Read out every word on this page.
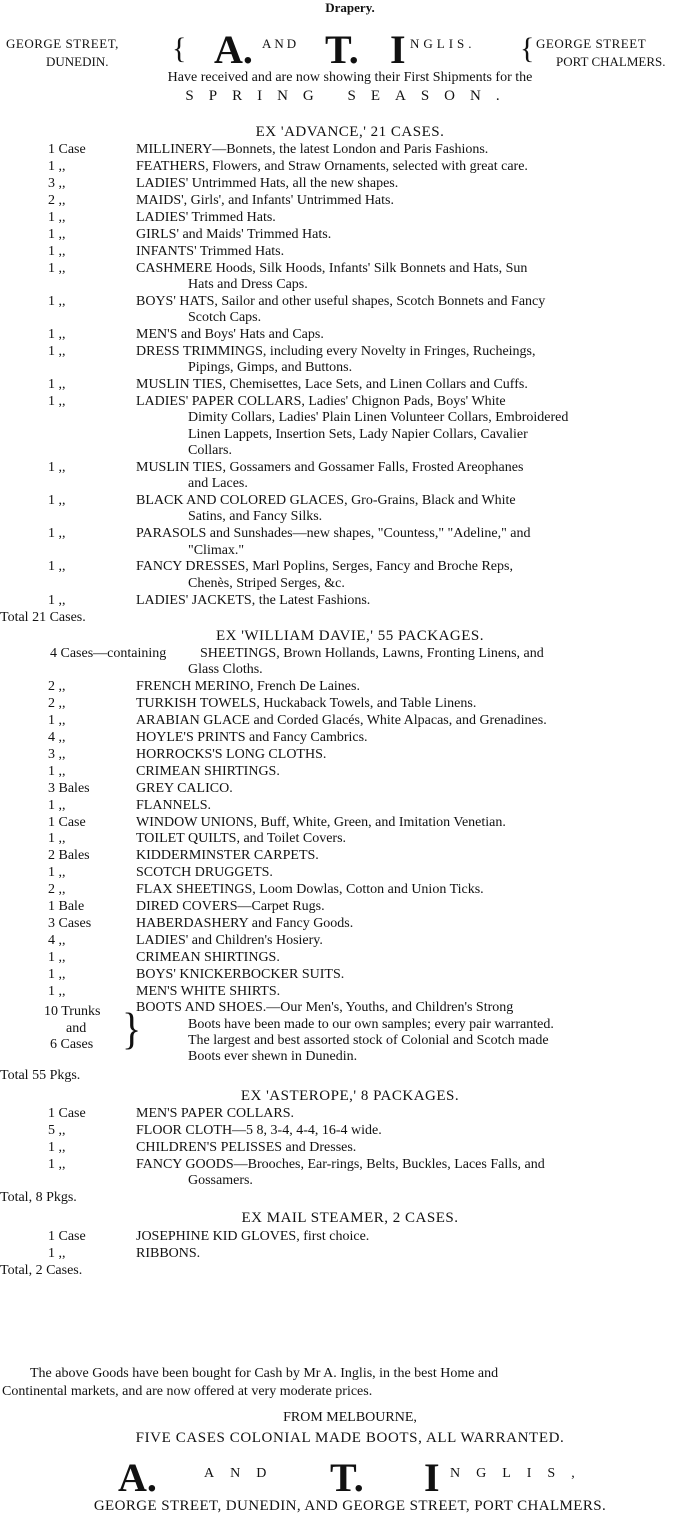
Drapery.
GEORGE STREET,
DUNEDIN. { A. AND T. I NGLIS. { GEORGE STREET
PORT CHALMERS.
Have received and are now showing their First Shipments for the
SPRING SEASON.
EX 'ADVANCE,' 21 CASES.
1 Case	MILLINERY—Bonnets, the latest London and Paris Fashions.
1 ,,	FEATHERS, Flowers, and Straw Ornaments, selected with great care.
3 ,,	LADIES' Untrimmed Hats, all the new shapes.
2 ,,	MAIDS', Girls', and Infants' Untrimmed Hats.
1 ,,	LADIES' Trimmed Hats.
1 ,,	GIRLS' and Maids' Trimmed Hats.
1 ,,	INFANTS' Trimmed Hats.
1 ,,	CASHMERE Hoods, Silk Hoods, Infants' Silk Bonnets and Hats, Sun
Hats and Dress Caps.
1 ,,	BOYS' HATS, Sailor and other useful shapes, Scotch Bonnets and Fancy
Scotch Caps.
1 ,,	MEN'S and Boys' Hats and Caps.
1 ,,	DRESS TRIMMINGS, including every Novelty in Fringes, Rucheings,
Pipings, Gimps, and Buttons.
1 ,,	MUSLIN TIES, Chemisettes, Lace Sets, and Linen Collars and Cuffs.
1 ,,	LADIES' PAPER COLLARS, Ladies' Chignon Pads, Boys' White
Dimity Collars, Ladies' Plain Linen Volunteer Collars, Embroidered
Linen Lappets, Insertion Sets, Lady Napier Collars, Cavalier
Collars.
1 ,,	MUSLIN TIES, Gossamers and Gossamer Falls, Frosted Areophanes
and Laces.
1 ,,	BLACK AND COLORED GLACES, Gro-Grains, Black and White
Satins, and Fancy Silks.
1 ,,	PARASOLS and Sunshades—new shapes, "Countess," "Adeline," and
"Climax."
1 ,,	FANCY DRESSES, Marl Poplins, Serges, Fancy and Broche Reps,
Chenès, Striped Serges, &c.
1 ,,	LADIES' JACKETS, the Latest Fashions.
Total 21 Cases.
EX 'WILLIAM DAVIE,' 55 PACKAGES.
4 Cases—containing SHEETINGS, Brown Hollands, Lawns, Fronting Linens, and
Glass Cloths.
2 ,,	FRENCH MERINO, French De Laines.
2 ,,	TURKISH TOWELS, Huckaback Towels, and Table Linens.
1 ,,	ARABIAN GLACE and Corded Glacés, White Alpacas, and Grenadines.
4 ,,	HOYLE'S PRINTS and Fancy Cambrics.
3 ,,	HORROCKS'S LONG CLOTHS.
1 ,,	CRIMEAN SHIRTINGS.
3 Bales	GREY CALICO.
1 ,,	FLANNELS.
1 Case	WINDOW UNIONS, Buff, White, Green, and Imitation Venetian.
1 ,,	TOILET QUILTS, and Toilet Covers.
2 Bales	KIDDERMINSTER CARPETS.
1 ,,	SCOTCH DRUGGETS.
2 ,,	FLAX SHEETINGS, Loom Dowlas, Cotton and Union Ticks.
1 Bale	DIRED COVERS—Carpet Rugs.
3 Cases	HABERDASHERY and Fancy Goods.
4 ,,	LADIES' and Children's Hosiery.
1 ,,	CRIMEAN SHIRTINGS.
1 ,,	BOYS' KNICKERBOCKER SUITS.
1 ,,	MEN'S WHITE SHIRTS.
10 Trunks
and
6 Cases }
BOOTS AND SHOES.—Our Men's, Youths, and Children's Strong
Boots have been made to our own samples; every pair warranted.
The largest and best assorted stock of Colonial and Scotch made
Boots ever shewn in Dunedin.
Total 55 Pkgs.
EX 'ASTEROPE,' 8 PACKAGES.
1 Case	MEN'S PAPER COLLARS.
5 ,,	FLOOR CLOTH—5 8, 3-4, 4-4, 16-4 wide.
1 ,,	CHILDREN'S PELISSES and Dresses.
1 ,,	FANCY GOODS—Brooches, Ear-rings, Belts, Buckles, Laces Falls, and
Gossamers.
Total, 8 Pkgs.
EX MAIL STEAMER, 2 CASES.
1 Case	JOSEPHINE KID GLOVES, first choice.
1 ,,	RIBBONS.
Total, 2 Cases.
The above Goods have been bought for Cash by Mr A. Inglis, in the best Home and
Continental markets, and are now offered at very moderate prices.
FROM MELBOURNE,
FIVE CASES COLONIAL MADE BOOTS, ALL WARRANTED.
A.	AND T. I NGLIS,
GEORGE STREET, DUNEDIN, AND GEORGE STREET, PORT CHALMERS.
